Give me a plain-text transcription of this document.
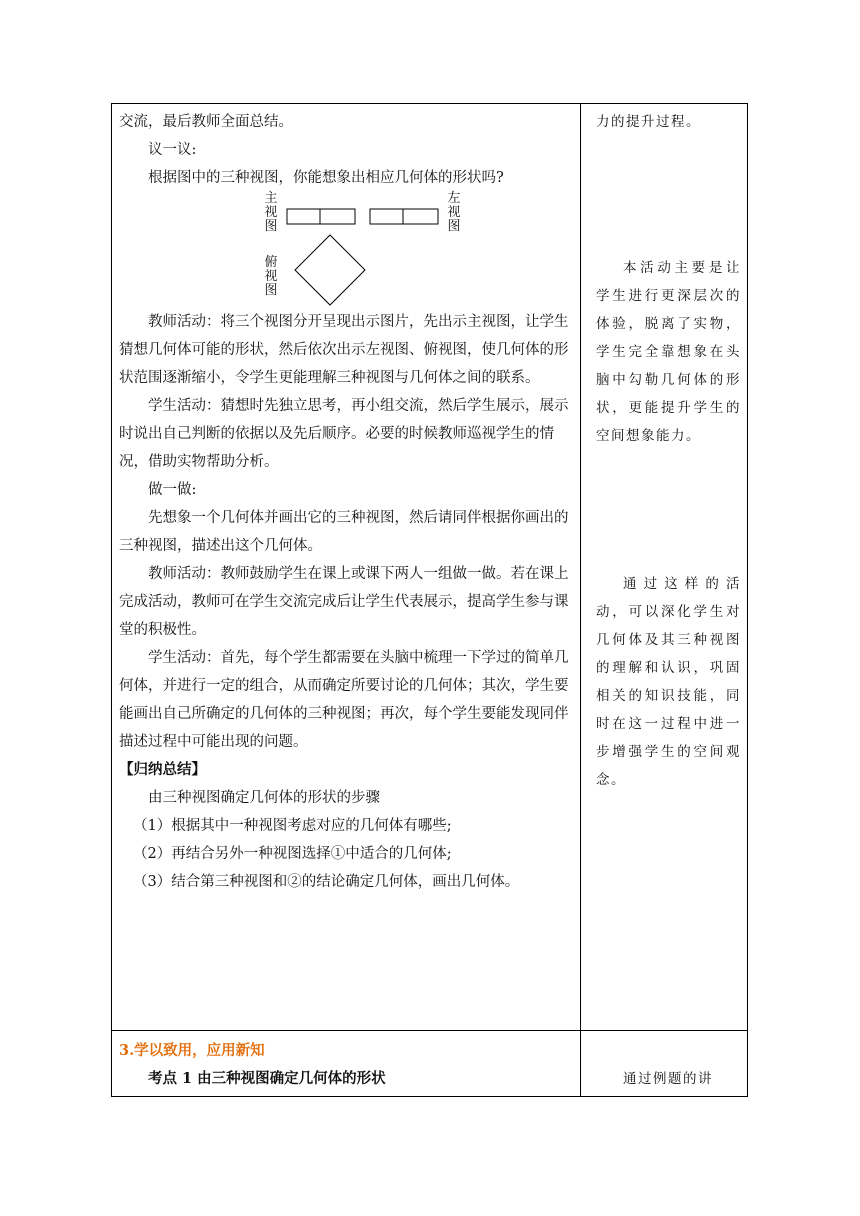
交流，最后教师全面总结。

议一议:

根据图中的三种视图，你能想象出相应几何体的形状吗?

主视图
左视图
俯视图

教师活动：将三个视图分开呈现出示图片，先出示主视图，让学生猜想几何体可能的形状，然后依次出示左视图、俯视图，使几何体的形状范围逐渐缩小，令学生更能理解三种视图与几何体之间的联系。

学生活动：猜想时先独立思考，再小组交流，然后学生展示，展示时说出自己判断的依据以及先后顺序。必要的时候教师巡视学生的情况，借助实物帮助分析。

做一做:

先想象一个几何体并画出它的三种视图，然后请同伴根据你画出的三种视图，描述出这个几何体。

教师活动：教师鼓励学生在课上或课下两人一组做一做。若在课上完成活动，教师可在学生交流完成后让学生代表展示，提高学生参与课堂的积极性。

学生活动：首先，每个学生都需要在头脑中梳理一下学过的简单几何体，并进行一定的组合，从而确定所要讨论的几何体；其次，学生要能画出自己所确定的几何体的三种视图；再次，每个学生要能发现同伴描述过程中可能出现的问题。

【归纳总结】

由三种视图确定几何体的形状的步骤

（1）根据其中一种视图考虑对应的几何体有哪些;

（2）再结合另外一种视图选择①中适合的几何体;

（3）结合第三种视图和②的结论确定几何体，画出几何体。

3.学以致用，应用新知

考点 1 由三种视图确定几何体的形状

力的提升过程。

本活动主要是让学生进行更深层次的体验，脱离了实物，学生完全靠想象在头脑中勾勒几何体的形状，更能提升学生的空间想象能力。

通过这样的活动，可以深化学生对几何体及其三种视图的理解和认识，巩固相关的知识技能，同时在这一过程中进一步增强学生的空间观念。

通过例题的讲
